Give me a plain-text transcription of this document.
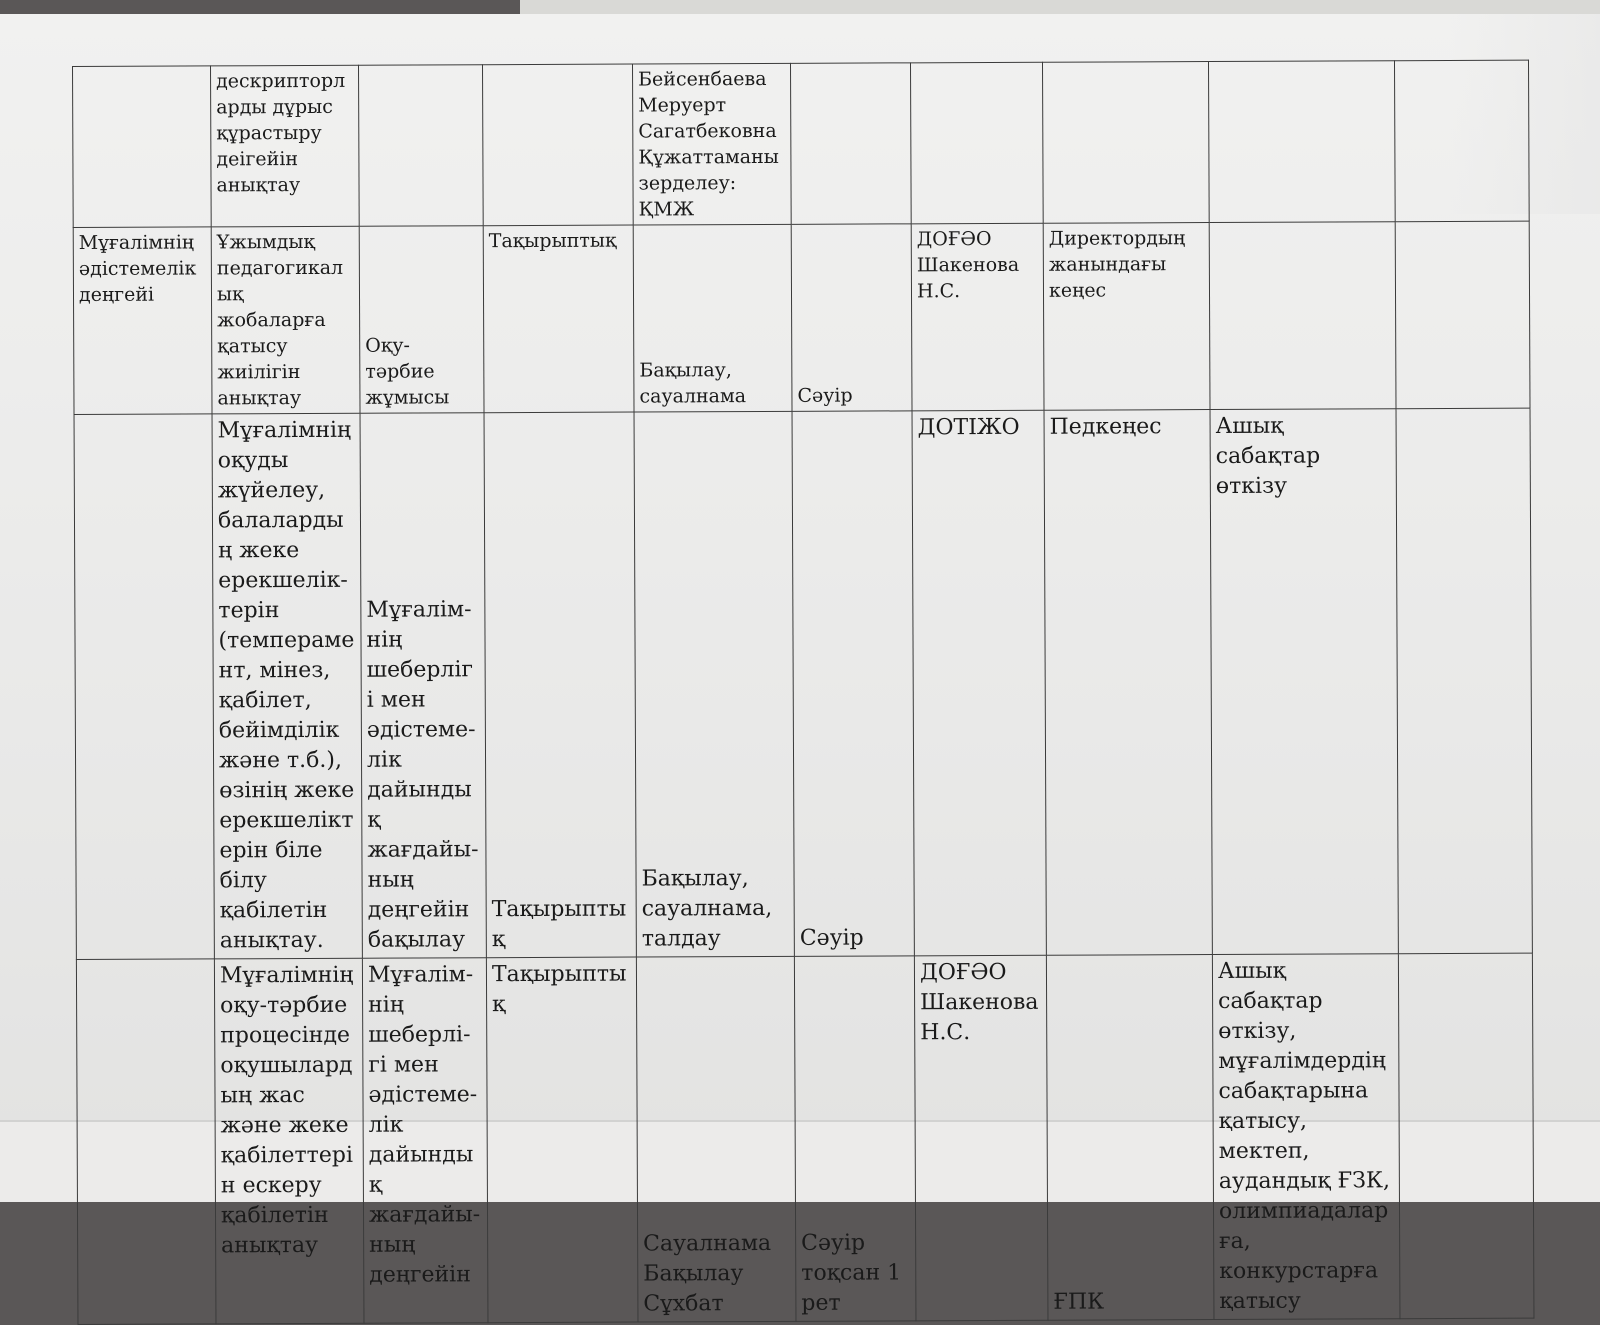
	дескрипторларды дұрыс құрастыру деігейін анықтау			Бейсенбаева Меруерт Сагатбековна Құжаттаманы зерделеу: ҚМЖ					
Мұғалімнің әдістемелік деңгейі	Ұжымдық педагогикалық жобаларға қатысу жиілігін анықтау	Оқу-тәрбие жұмысы	Тақырыптық	Бақылау, сауалнама	Сәуір	ДОҒӘО Шакенова Н.С.	Директордың жанындағы кеңес		
	Мұғалімнің оқуды жүйелеу, балалардың жеке ерекшелік-терін (темперамент, мінез, қабілет, бейімділік және т.б.), өзінің жеке ерекшеліктерін біле білу қабілетін анықтау.	Мұғалім-нің шеберлігі мен әдістеме-лік дайындық жағдайы-ның деңгейін бақылау	Тақырыптық	Бақылау, сауалнама, талдау	Сәуір	ДОТІЖО	Педкеңес	Ашық сабақтар өткізу	
	Мұғалімнің оқу-тәрбие процесінде оқушылардың жас және жеке қабілеттерін ескеру қабілетін анықтау	Мұғалім-нің шеберлі-гі мен әдістеме-лік дайындық жағдайы-ның деңгейін	Тақырыптық	Сауалнама Бақылау Сұхбат	Сәуір тоқсан 1 рет	ДОҒӘО Шакенова Н.С.	ҒПК	Ашық сабақтар өткізу, мұғалімдердің сабақтарына қатысу, мектеп, аудандық ҒЗК, олимпиадаларға, конкурстарға қатысу	
